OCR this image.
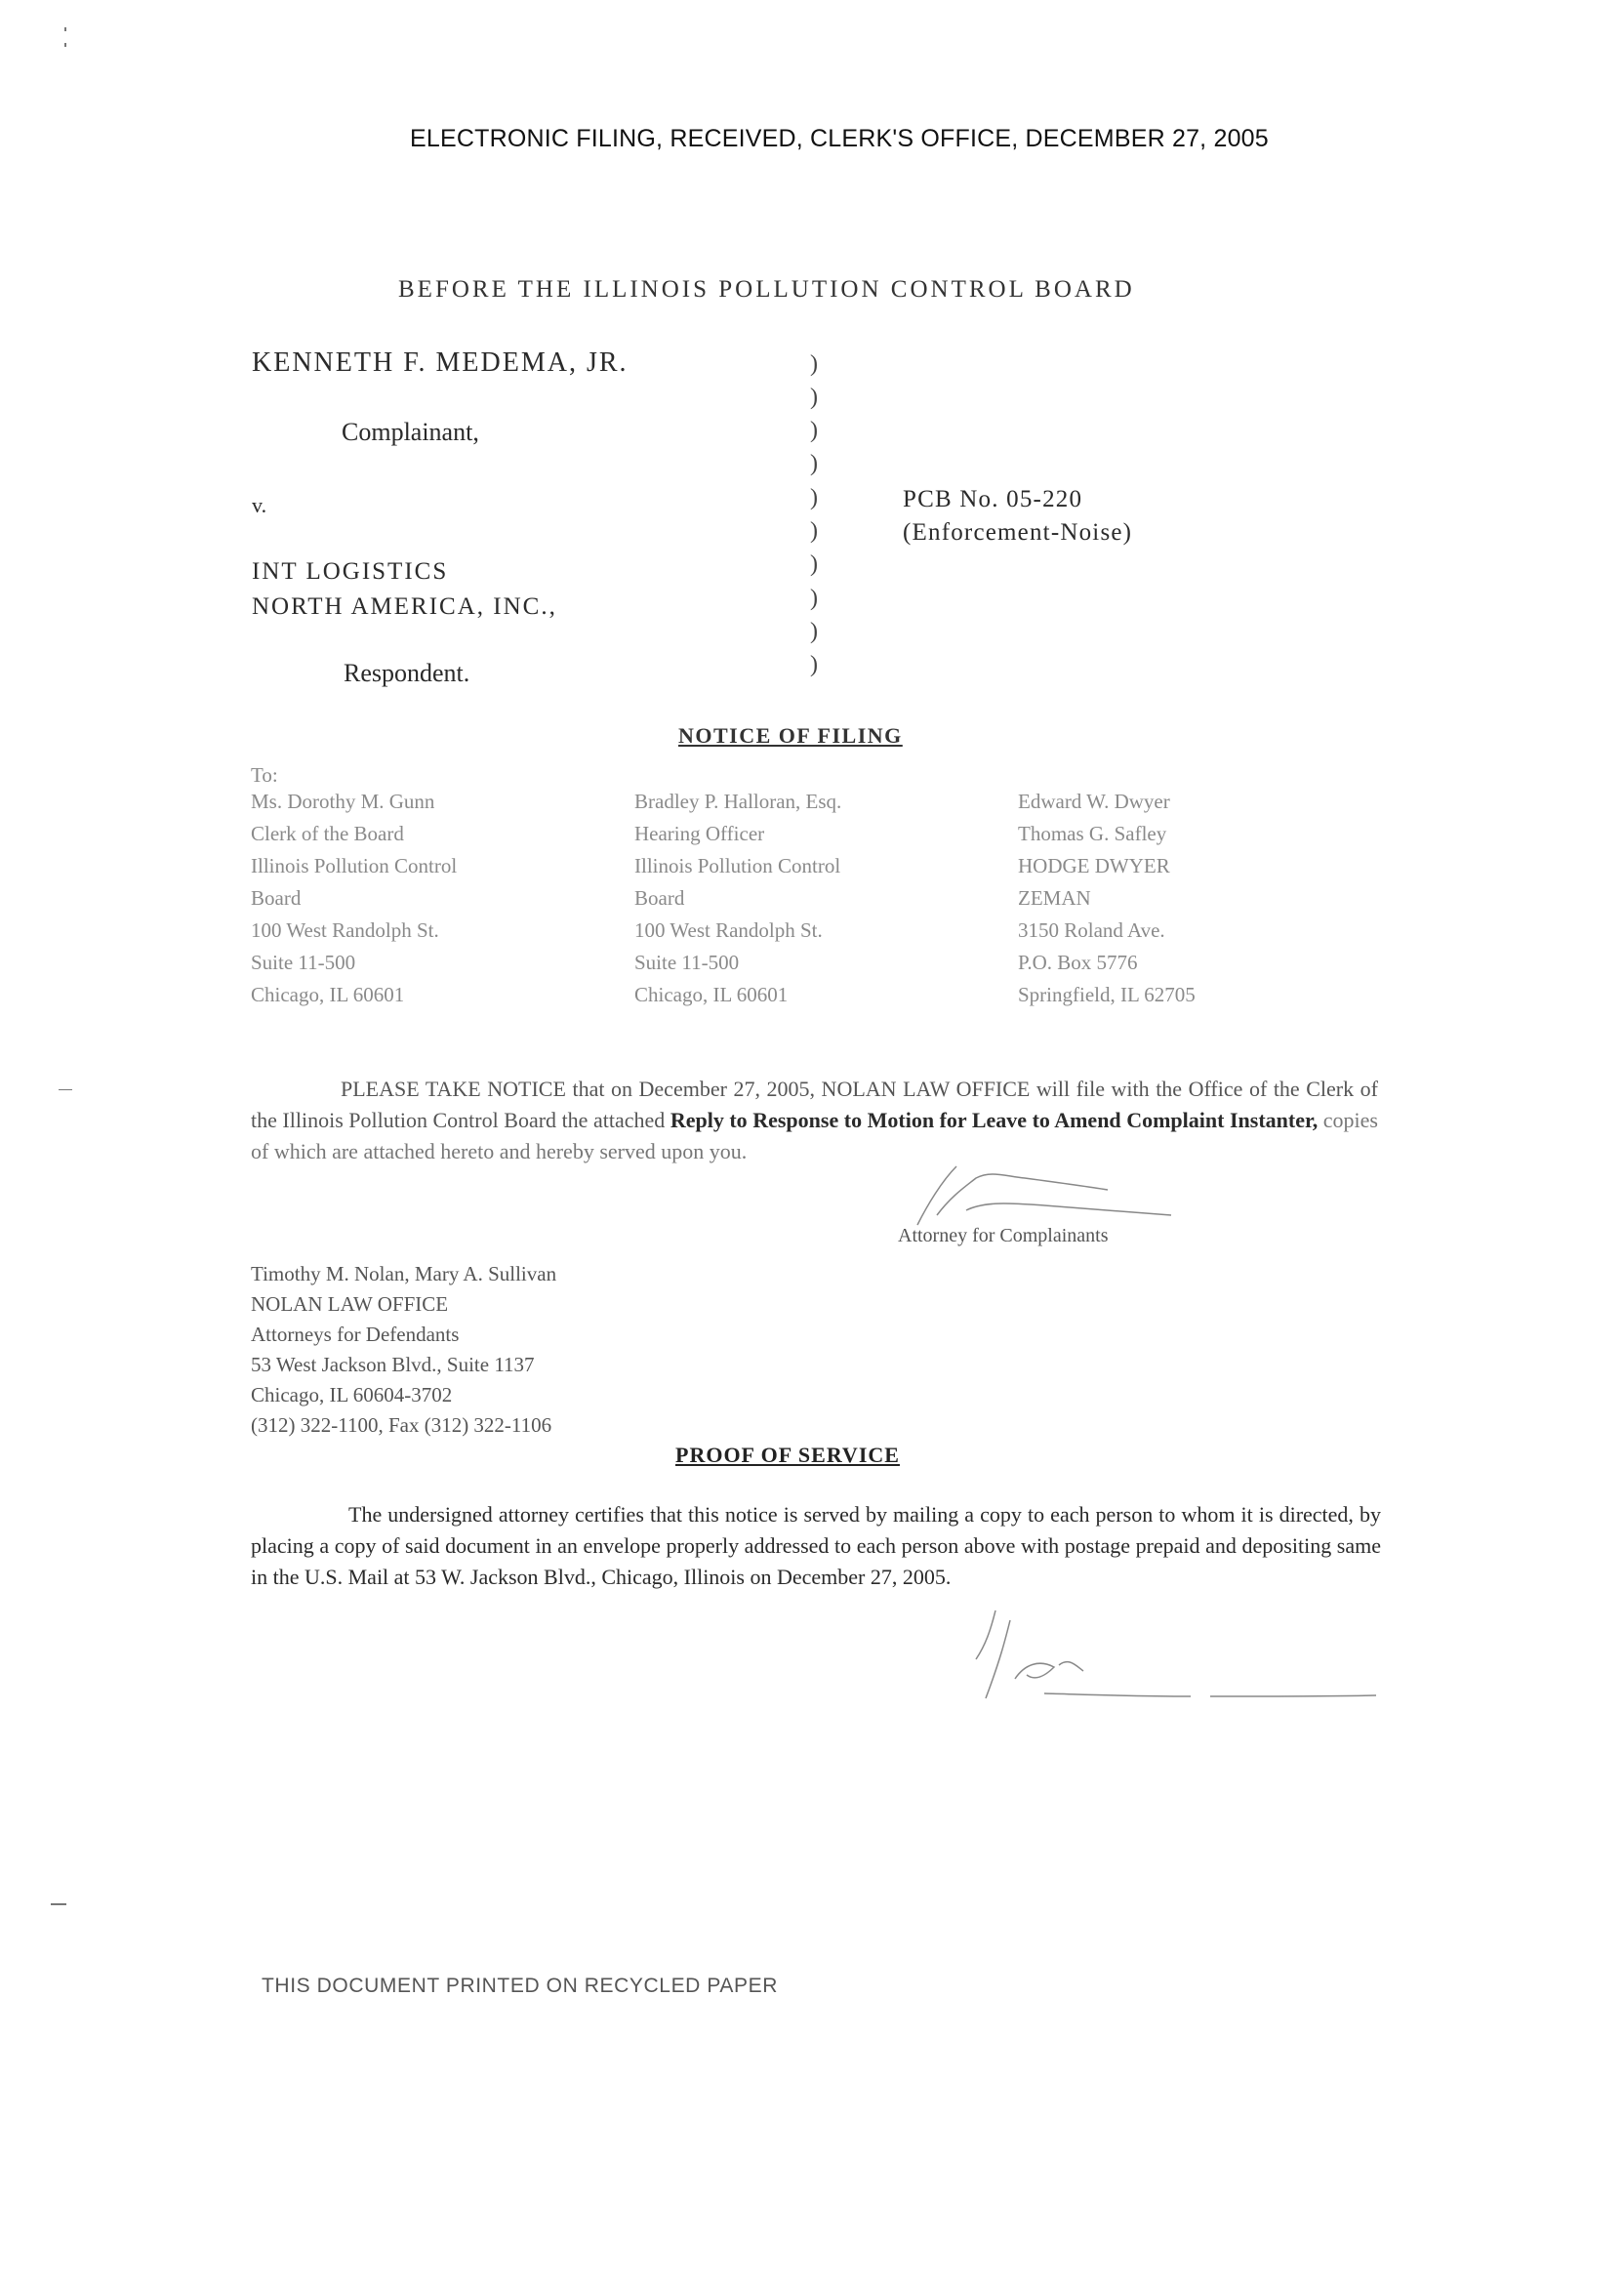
ELECTRONIC FILING, RECEIVED, CLERK'S OFFICE, DECEMBER 27, 2005
BEFORE THE ILLINOIS POLLUTION CONTROL BOARD
KENNETH F. MEDEMA, JR.
Complainant,
v.
INT LOGISTICS
NORTH AMERICA, INC.,
Respondent.
)
)
)
)
)
)
)
)
)
)
PCB No. 05-220
(Enforcement-Noise)
NOTICE OF FILING
To:
Ms. Dorothy M. Gunn
Clerk of the Board
Illinois Pollution Control
Board
100 West Randolph St.
Suite 11-500
Chicago, IL 60601
Bradley P. Halloran, Esq.
Hearing Officer
Illinois Pollution Control
Board
100 West Randolph St.
Suite 11-500
Chicago, IL 60601
Edward W. Dwyer
Thomas G. Safley
HODGE DWYER
ZEMAN
3150 Roland Ave.
P.O. Box 5776
Springfield, IL 62705
PLEASE TAKE NOTICE that on December 27, 2005, NOLAN LAW OFFICE will file with the Office of the Clerk of the Illinois Pollution Control Board the attached Reply to Response to Motion for Leave to Amend Complaint Instanter, copies of which are attached hereto and hereby served upon you.
Attorney for Complainants
Timothy M. Nolan, Mary A. Sullivan
NOLAN LAW OFFICE
Attorneys for Defendants
53 West Jackson Blvd., Suite 1137
Chicago, IL 60604-3702
(312) 322-1100, Fax (312) 322-1106
PROOF OF SERVICE
The undersigned attorney certifies that this notice is served by mailing a copy to each person to whom it is directed, by placing a copy of said document in an envelope properly addressed to each person above with postage prepaid and depositing same in the U.S. Mail at 53 W. Jackson Blvd., Chicago, Illinois on December 27, 2005.
THIS DOCUMENT PRINTED ON RECYCLED PAPER
